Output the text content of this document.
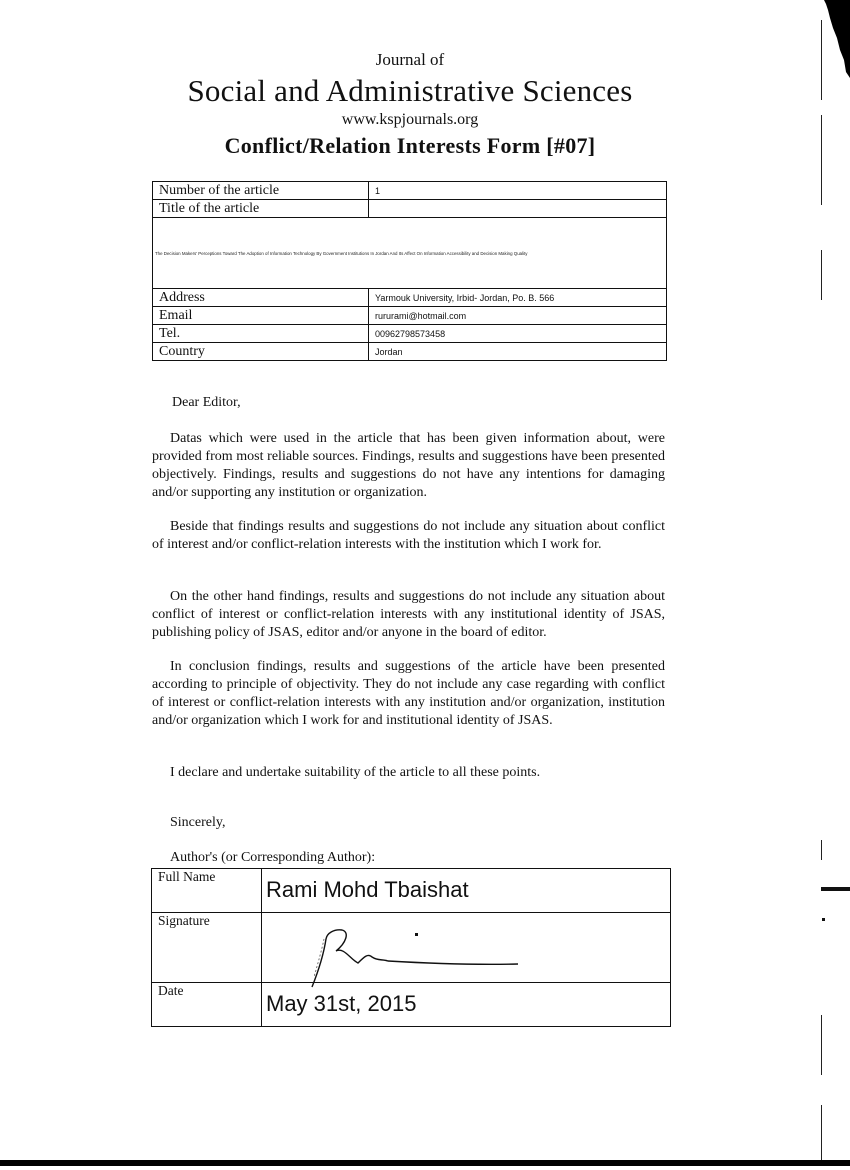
Journal of
Social and Administrative Sciences
www.kspjournals.org
Conflict/Relation Interests Form [#07]
Number of the article	1
Title of the article	
The Decision Makers' Perceptions Toward The Adoption of Information Technology By Government Institutions In Jordan And Its Affect On Information Accessibility and Decision Making Quality	
Address	Yarmouk University, Irbid- Jordan, Po. B. 566
Email	rururami@hotmail.com
Tel.	00962798573458
Country	Jordan
Dear Editor,

Datas which were used in the article that has been given information about, were provided from most reliable sources. Findings, results and suggestions have been presented objectively. Findings, results and suggestions do not have any intentions for damaging and/or supporting any institution or organization.

Beside that findings results and suggestions do not include any situation about conflict of interest and/or conflict-relation interests with the institution which I work for.

On the other hand findings, results and suggestions do not include any situation about conflict of interest or conflict-relation interests with any institutional identity of JSAS, publishing policy of JSAS, editor and/or anyone in the board of editor.

In conclusion findings, results and suggestions of the article have been presented according to principle of objectivity. They do not include any case regarding with conflict of interest or conflict-relation interests with any institution and/or organization, institution and/or organization which I work for and institutional identity of JSAS.

I declare and undertake suitability of the article to all these points.

Sincerely,
Author's (or Corresponding Author):
Full Name	Rami Mohd Tbaishat
Signature	

Date	May 31st, 2015
